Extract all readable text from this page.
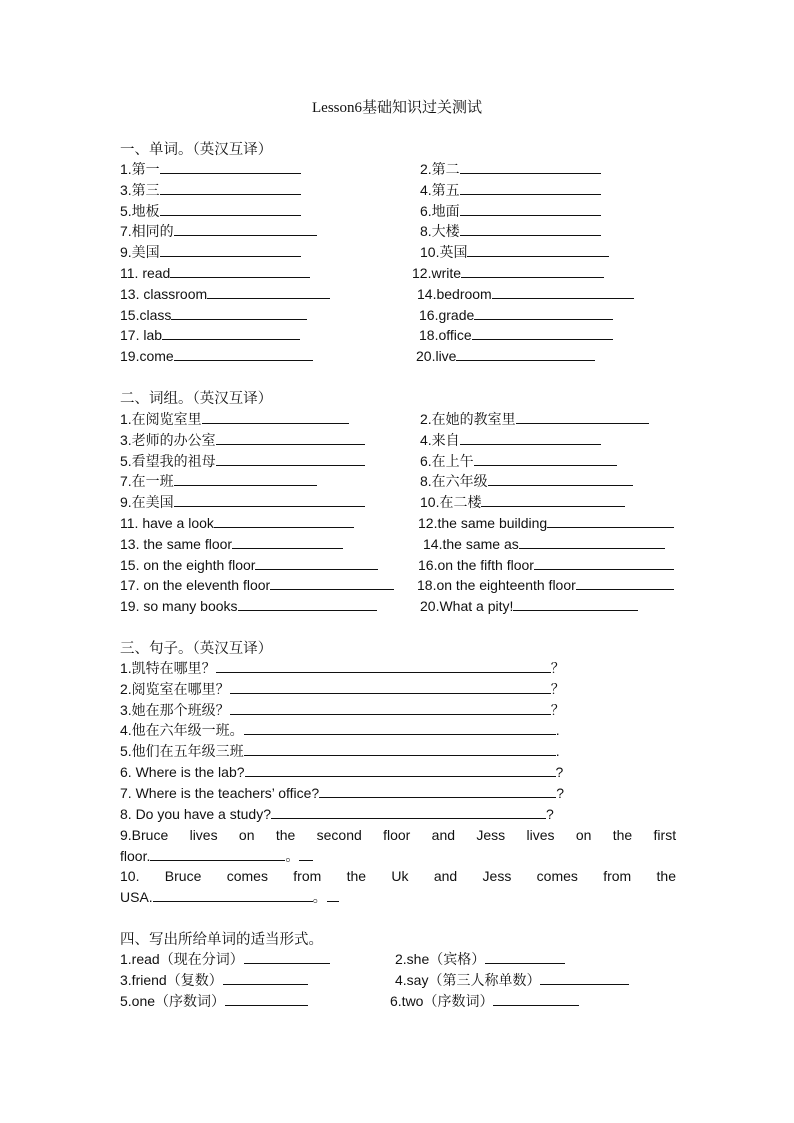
Lesson6基础知识过关测试
一、单词。（英汉互译）
1.第一	2.第二
3.第三	4.第五
5.地板	6.地面
7.相同的	8.大楼
9.美国	10.英国
11. read	12.write
13. classroom	14.bedroom
15.class	16.grade
17. lab	18.office
19.come	20.live
二、词组。（英汉互译）
1.在阅览室里	2.在她的教室里
3.老师的办公室	4.来自
5.看望我的祖母	6.在上午
7.在一班	8.在六年级
9.在美国	10.在二楼
11. have a look	12.the same building
13. the same floor	14.the same as
15. on the eighth floor	16.on the fifth floor
17. on the eleventh floor	18.on the eighteenth floor
19. so many books	20.What a pity!
三、句子。（英汉互译）
1.凯特在哪里？	？
2.阅览室在哪里？	？
3.她在那个班级？	？
4.他在六年级一班。	.
5.他们在五年级三班	.
6. Where is the lab?	?
7. Where is the teachers’ office?	?
8. Do you have a study?	?
9.Bruce lives on the second floor and Jess lives on the first
floor.	。
10. Bruce comes from the Uk and Jess comes from the
USA.	。
四、写出所给单词的适当形式。
1.read（现在分词）	2.she（宾格）
3.friend（复数）	4.say（第三人称单数）
5.one（序数词）	6.two（序数词）
